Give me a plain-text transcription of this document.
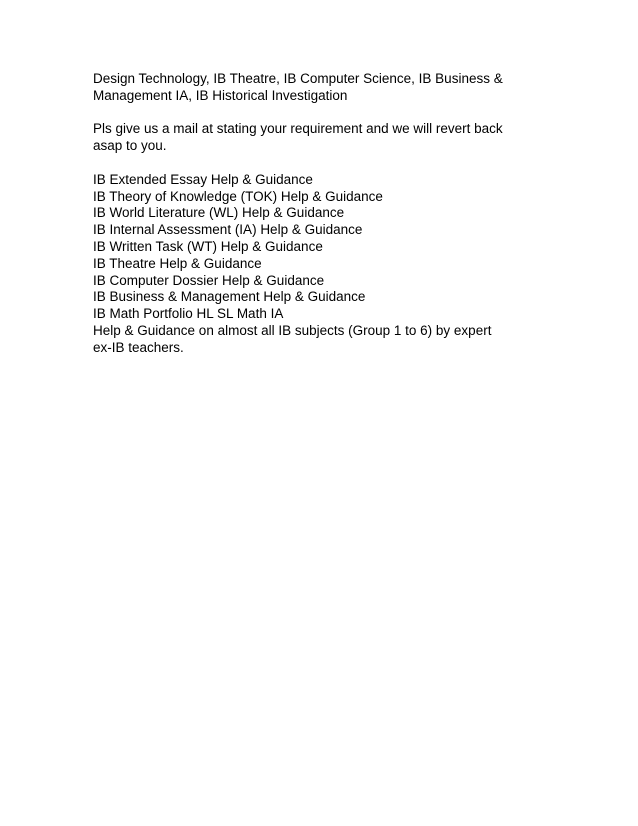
Design Technology, IB Theatre, IB Computer Science, IB Business &
Management IA, IB Historical Investigation

Pls give us a mail at stating your requirement and we will revert back
asap to you.

IB Extended Essay Help & Guidance
IB Theory of Knowledge (TOK) Help & Guidance
IB World Literature (WL) Help & Guidance
IB Internal Assessment (IA) Help & Guidance
IB Written Task (WT) Help & Guidance
IB Theatre Help & Guidance
IB Computer Dossier Help & Guidance
IB Business & Management Help & Guidance
IB Math Portfolio HL SL Math IA
Help & Guidance on almost all IB subjects (Group 1 to 6) by expert
ex-IB teachers.
